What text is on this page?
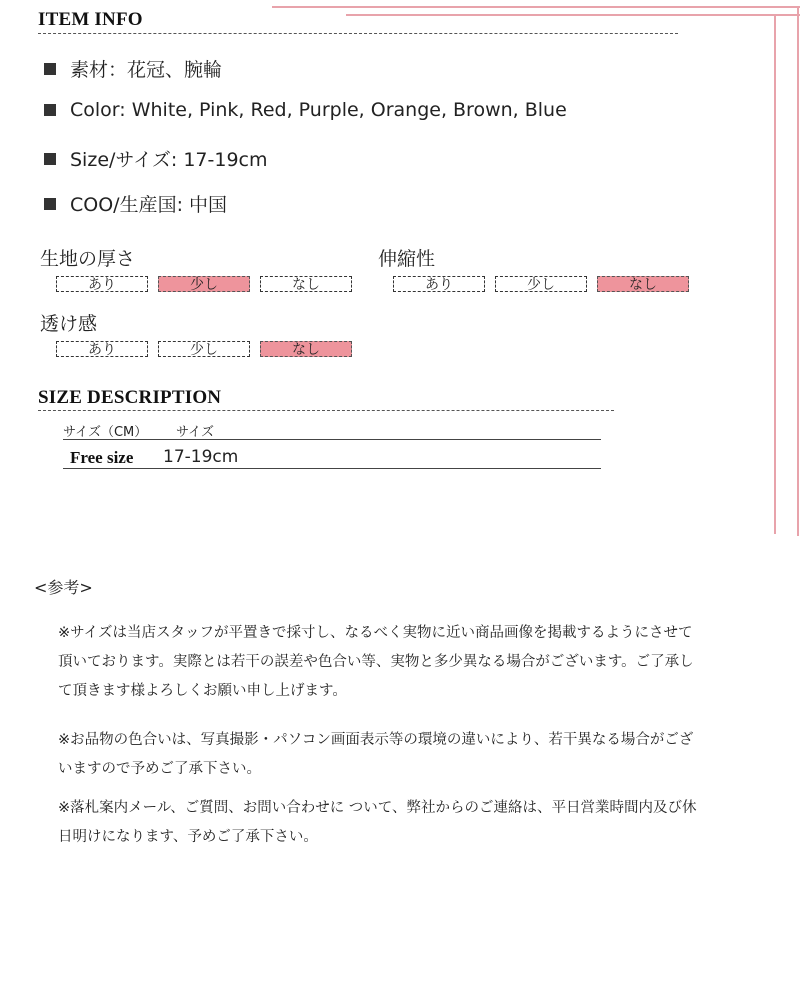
ITEM INFO
素材：花冠、腕輪
Color: White, Pink, Red, Purple, Orange, Brown, Blue
Size/サイズ: 17-19cm
COO/生産国: 中国
生地の厚さ
あり	少し	なし
伸縮性
あり	少し	なし
透け感
あり	少し	なし
SIZE DESCRIPTION
サイズ（CM） サイズ
Free size 17-19cm
<参考>
※サイズは当店スタッフが平置きで採寸し、なるべく実物に近い商品画像を掲載するようにさせて頂いております。実際とは若干の誤差や色合い等、実物と多少異なる場合がございます。ご了承して頂きます様よろしくお願い申し上げます。
※お品物の色合いは、写真撮影・パソコン画面表示等の環境の違いにより、若干異なる場合がございますので予めご了承下さい。
※落札案内メール、ご質問、お問い合わせに ついて、弊社からのご連絡は、平日営業時間内及び休日明けになります、予めご了承下さい。
